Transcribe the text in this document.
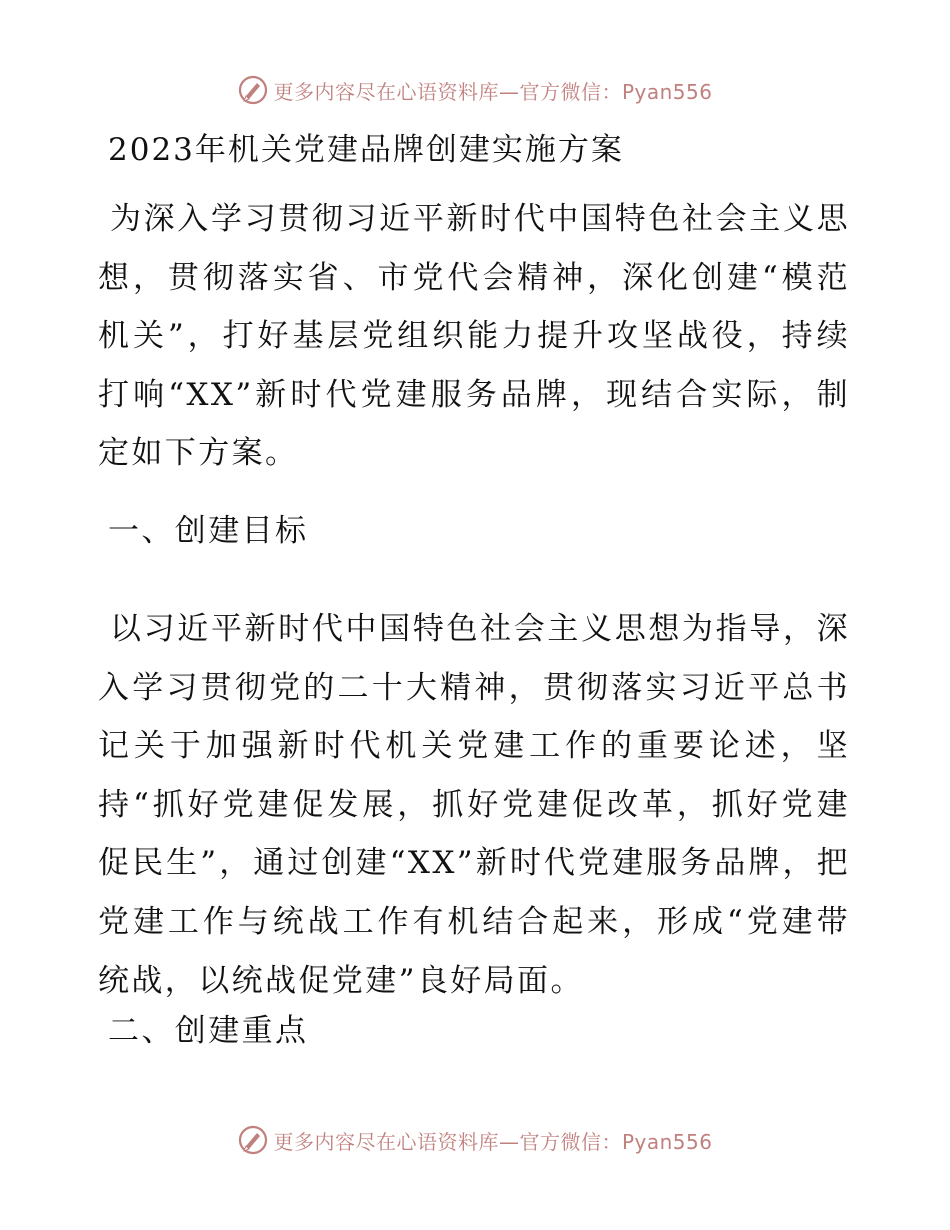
更多内容尽在心语资料库—官方微信：Pyan556
2023年机关党建品牌创建实施方案
为深入学习贯彻习近平新时代中国特色社会主义思想，贯彻落实省、市党代会精神，深化创建“模范机关”，打好基层党组织能力提升攻坚战役，持续打响“XX”新时代党建服务品牌，现结合实际，制定如下方案。
一、创建目标
以习近平新时代中国特色社会主义思想为指导，深入学习贯彻党的二十大精神，贯彻落实习近平总书记关于加强新时代机关党建工作的重要论述，坚持“抓好党建促发展，抓好党建促改革，抓好党建促民生”，通过创建“XX”新时代党建服务品牌，把党建工作与统战工作有机结合起来，形成“党建带统战，以统战促党建”良好局面。
二、创建重点
更多内容尽在心语资料库—官方微信：Pyan556
